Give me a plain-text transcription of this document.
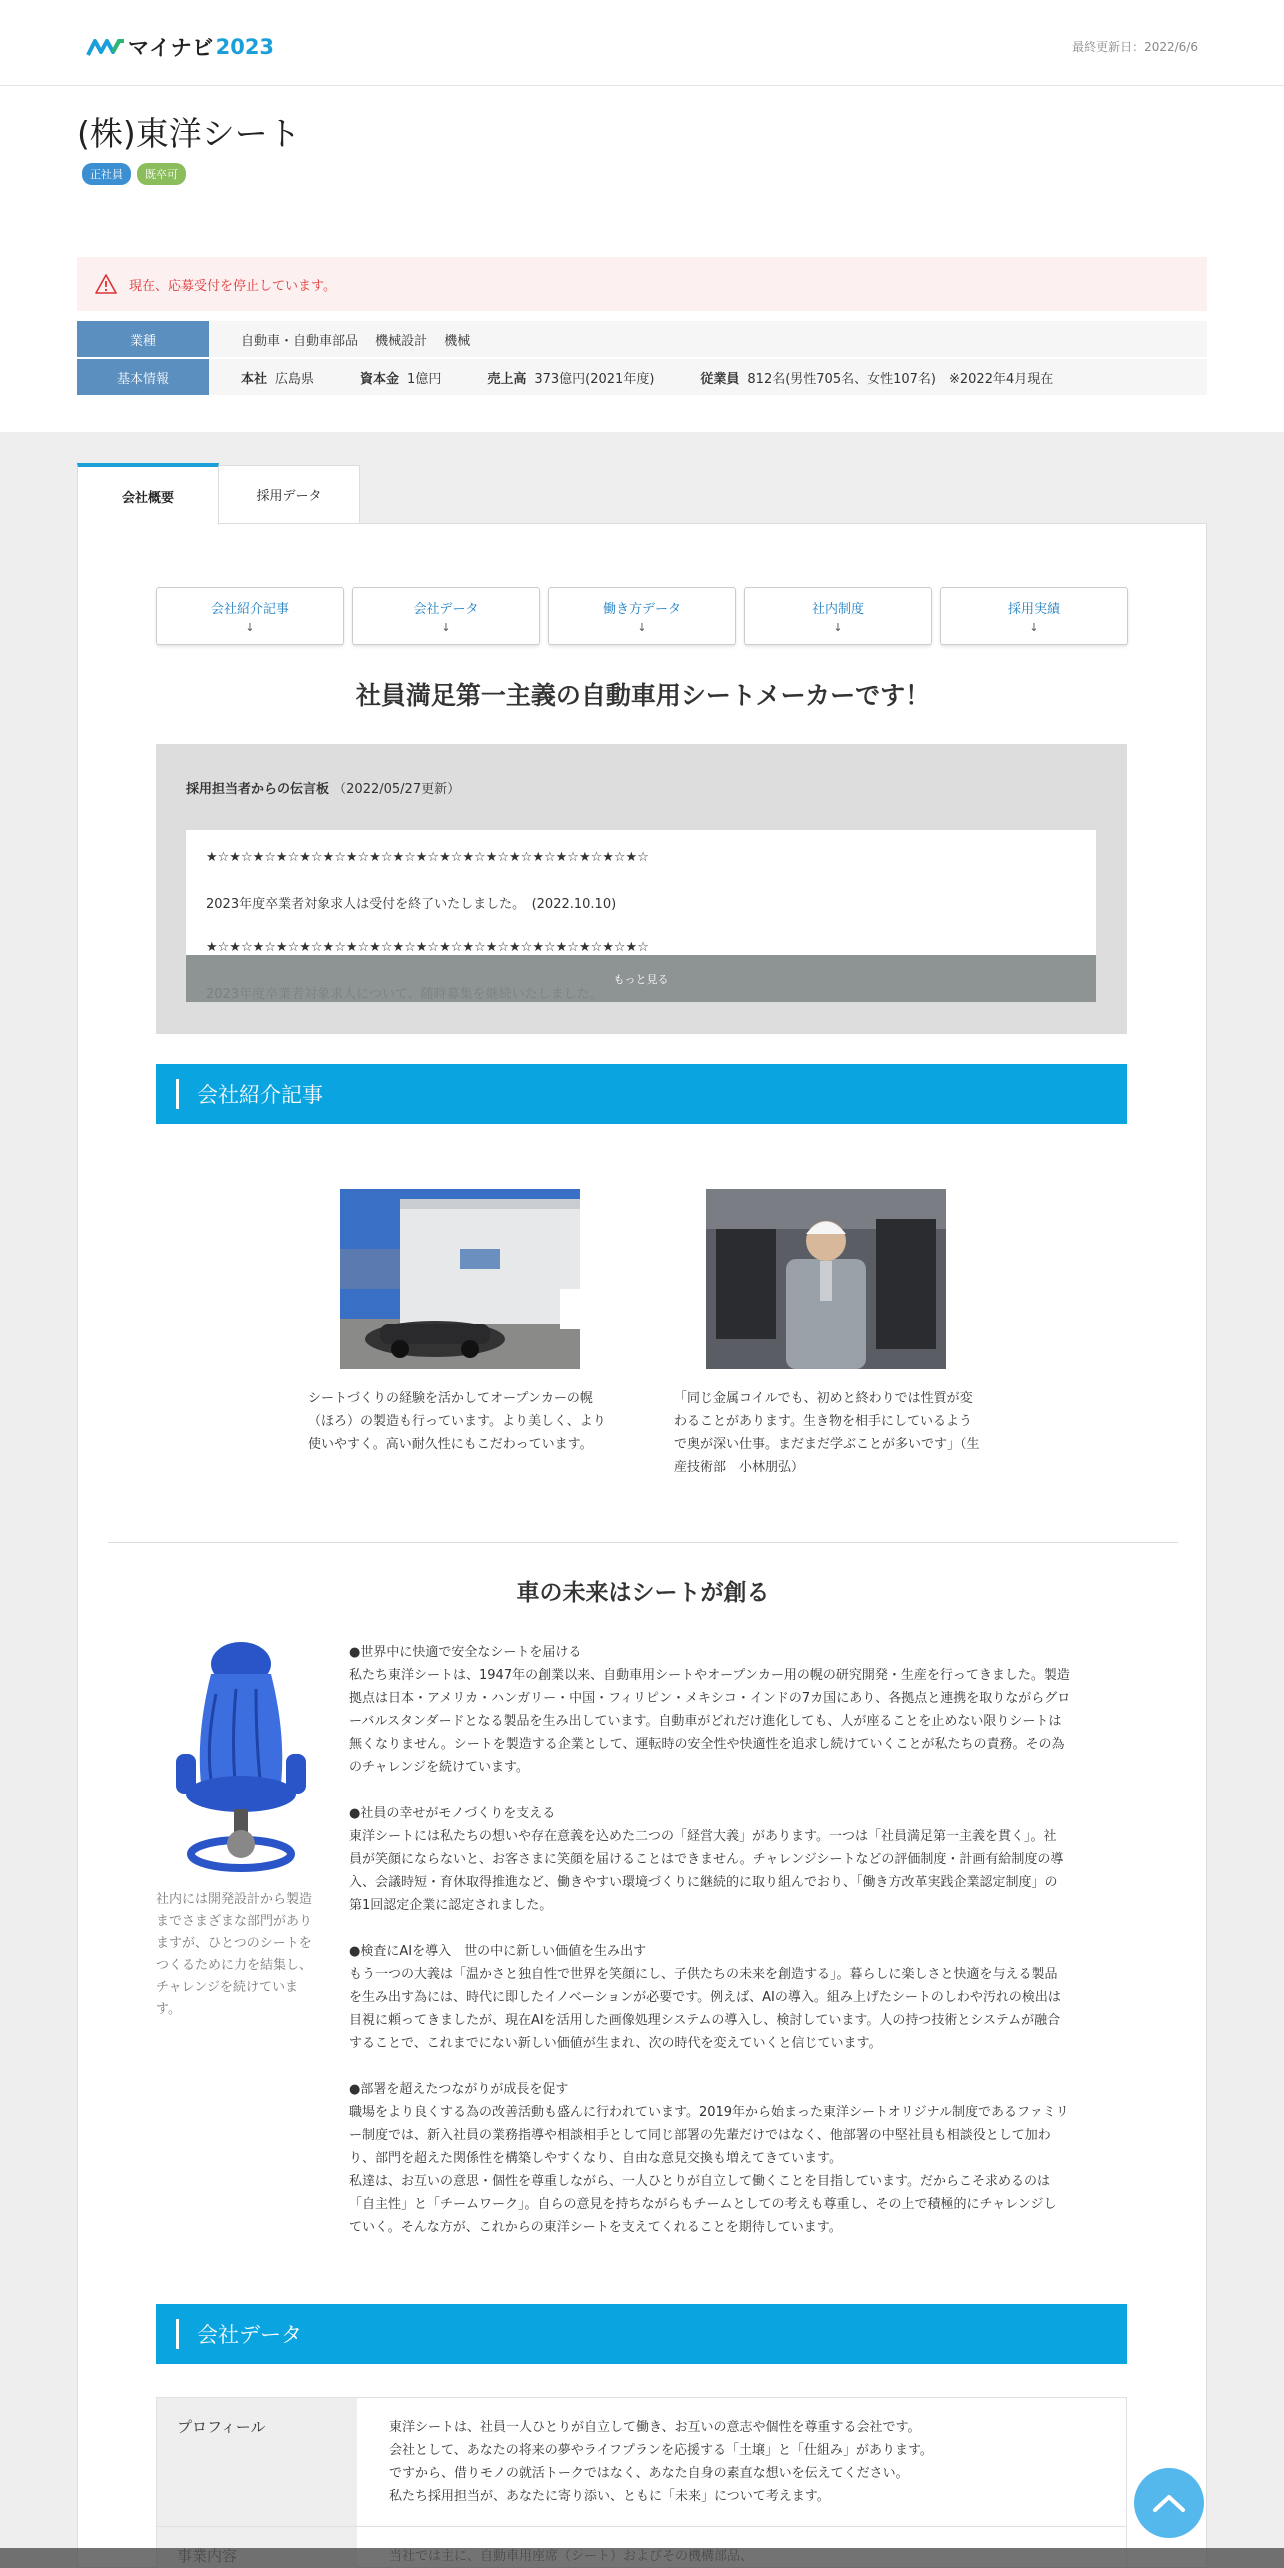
マイナビ 2023	最終更新日：2022/6/6
(株)東洋シート
正社員	既卒可
現在、応募受付を停止しています。
業種	自動車・自動車部品　 機械設計　 機械
基本情報	本社 広島県	資本金 1億円	売上高 373億円(2021年度)	従業員 812名(男性705名、女性107名)　※2022年4月現在
会社概要	採用データ
会社紹介記事
↓
会社データ
↓
働き方データ
↓
社内制度
↓
採用実績
↓
社員満足第一主義の自動車用シートメーカーです！
採用担当者からの伝言板 （2022/05/27更新）

★☆★☆★☆★☆★☆★☆★☆★☆★☆★☆★☆★☆★☆★☆★☆★☆★☆★☆★☆

2023年度卒業者対象求人は受付を終了いたしました。　(2022.10.10)

★☆★☆★☆★☆★☆★☆★☆★☆★☆★☆★☆★☆★☆★☆★☆★☆★☆★☆★☆

もっと見る
会社紹介記事

シートづくりの経験を活かしてオープンカーの幌（ほろ）の製造も行っています。より美しく、より使いやすく。高い耐久性にもこだわっています。

「同じ金属コイルでも、初めと終わりでは性質が変わることがあります。生き物を相手にしているようで奥が深い仕事。まだまだ学ぶことが多いです」（生産技術部　小林朋弘）

車の未来はシートが創る

社内には開発設計から製造までさまざまな部門がありますが、ひとつのシートをつくるために力を結集し、チャレンジを続けています。

●世界中に快適で安全なシートを届ける
私たち東洋シートは、1947年の創業以来、自動車用シートやオープンカー用の幌の研究開発・生産を行ってきました。製造
拠点は日本・アメリカ・ハンガリー・中国・フィリピン・メキシコ・インドの7カ国にあり、各拠点と連携を取りながらグロ
ーバルスタンダードとなる製品を生み出しています。自動車がどれだけ進化しても、人が座ることを止めない限りシートは
無くなりません。シートを製造する企業として、運転時の安全性や快適性を追求し続けていくことが私たちの責務。その為
のチャレンジを続けています。
●社員の幸せがモノづくりを支える
東洋シートには私たちの想いや存在意義を込めた二つの「経営大義」があります。一つは「社員満足第一主義を貫く」。社
員が笑顔にならないと、お客さまに笑顔を届けることはできません。チャレンジシートなどの評価制度・計画有給制度の導
入、会議時短・育休取得推進など、働きやすい環境づくりに継続的に取り組んでおり、「働き方改革実践企業認定制度」の
第1回認定企業に認定されました。
●検査にAIを導入　世の中に新しい価値を生み出す
もう一つの大義は「温かさと独自性で世界を笑顔にし、子供たちの未来を創造する」。暮らしに楽しさと快適を与える製品
を生み出す為には、時代に即したイノベーションが必要です。例えば、AIの導入。組み上げたシートのしわや汚れの検出は
目視に頼ってきましたが、現在AIを活用した画像処理システムの導入し、検討しています。人の持つ技術とシステムが融合
することで、これまでにない新しい価値が生まれ、次の時代を変えていくと信じています。
●部署を超えたつながりが成長を促す
職場をより良くする為の改善活動も盛んに行われています。2019年から始まった東洋シートオリジナル制度であるファミリ
ー制度では、新入社員の業務指導や相談相手として同じ部署の先輩だけではなく、他部署の中堅社員も相談役として加わ
り、部門を超えた関係性を構築しやすくなり、自由な意見交換も増えてきています。
私達は、お互いの意思・個性を尊重しながら、一人ひとりが自立して働くことを目指しています。だからこそ求めるのは
「自主性」と「チームワーク」。自らの意見を持ちながらもチームとしての考えも尊重し、その上で積極的にチャレンジし
ていく。そんな方が、これからの東洋シートを支えてくれることを期待しています。
会社データ
プロフィール	東洋シートは、社員一人ひとりが自立して働き、お互いの意志や個性を尊重する会社です。
会社として、あなたの将来の夢やライフプランを応援する「土壌」と「仕組み」があります。
ですから、借りモノの就活トークではなく、あなた自身の素直な想いを伝えてください。
私たち採用担当が、あなたに寄り添い、ともに「未来」について考えます。
